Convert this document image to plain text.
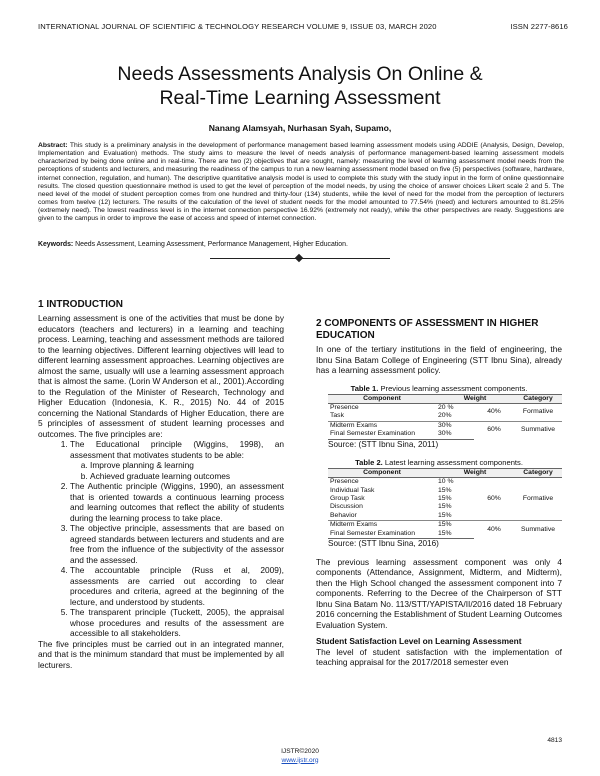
INTERNATIONAL JOURNAL OF SCIENTIFIC & TECHNOLOGY RESEARCH VOLUME 9, ISSUE 03, MARCH 2020	ISSN 2277-8616
Needs Assessments Analysis On Online &
Real-Time Learning Assessment
Nanang Alamsyah, Nurhasan Syah, Supamo,
Abstract: This study is a preliminary analysis in the development of performance management based learning assessment models using ADDIE (Analysis, Design, Develop, Implementation and Evaluation) methods. The study aims to measure the level of needs analysis of performance management-based learning assessment models characterized by being done online and in real-time. There are two (2) objectives that are sought, namely: measuring the level of learning assessment model needs from the perceptions of students and lecturers, and measuring the readiness of the campus to run a new learning assessment model based on five (5) perspectives (software, hardware, internet connection, regulation, and human). The descriptive quantitative analysis model is used to complete this study with the study input in the form of online questionnaire results. The closed question questionnaire method is used to get the level of perception of the model needs, by using the choice of answer choices Likert scale 2 and 5. The need level of the model of student perception comes from one hundred and thirty-four (134) students, while the level of need for the model from the perception of lecturers comes from twelve (12) lecturers. The results of the calculation of the level of student needs for the model amounted to 77.54% (need) and lecturers amounted to 81.25% (extremely need). The lowest readiness level is in the internet connection perspective 16.92% (extremely not ready), while the other perspectives are ready. Suggestions are given to the campus in order to improve the ease of access and speed of internet connection.
Keywords: Needs Assessment, Learning Assessment, Performance Management, Higher Education.
1 INTRODUCTION

Learning assessment is one of the activities that must be done by educators (teachers and lecturers) in a learning and teaching process. Learning, teaching and assessment methods are tailored to the learning objectives. Different learning objectives will lead to different learning assessment approaches. Learning objectives are almost the same, usually will use a learning assessment approach that is almost the same. (Lorin W Anderson et al., 2001).According to the Regulation of the Minister of Research, Technology and Higher Education (Indonesia, K. R., 2015) No. 44 of 2015 concerning the National Standards of Higher Education, there are 5 principles of assessment of student learning processes and outcomes. The five principles are:

1. The Educational principle (Wiggins, 1998), an assessment that motivates students to be able:
a. Improve planning & learning
b. Achieved graduate learning outcomes
2. The Authentic principle (Wiggins, 1990), an assessment that is oriented towards a continuous learning process and learning outcomes that reflect the ability of students during the learning process to take place.
3. The objective principle, assessments that are based on agreed standards between lecturers and students and are free from the influence of the subjectivity of the assessor and the assessed.
4. The accountable principle (Russ et al, 2009), assessments are carried out according to clear procedures and criteria, agreed at the beginning of the lecture, and understood by students.
5. The transparent principle (Tuckett, 2005), the appraisal whose procedures and results of the assessment are accessible to all stakeholders.

The five principles must be carried out in an integrated manner, and that is the minimum standard that must be implemented by all lecturers.

2 COMPONENTS OF ASSESSMENT IN HIGHER EDUCATION

In one of the tertiary institutions in the field of engineering, the Ibnu Sina Batam College of Engineering (STT Ibnu Sina), already has a learning assessment policy.

Table 1. Previous learning assessment components.
Component	Weight		Category
Presence	20 %	40%	Formative
Task	20%		
Midterm Exams	30%	60%	Summative
Final Semester Examination	30%		
Source: (STT Ibnu Sina, 2011)
Table 2. Latest learning assessment components.
Component	Weight		Category
Presence	10 %	60%	Formative
Individual Task	15%		
Group Task	15%		
Discussion	15%		
Behavior	15%		
Midterm Exams	15%	40%	Summative
Final Semester Examination	15%		
Source: (STT Ibnu Sina, 2016)

The previous learning assessment component was only 4 components (Attendance, Assignment, Midterm, and Midterm), then the High School changed the assessment component into 7 components. Referring to the Decree of the Chairperson of STT Ibnu Sina Batam No. 113/STT/YAPISTA/II/2016 dated 18 February 2016 concerning the Establishment of Student Learning Outcomes Evaluation System.

Student Satisfaction Level on Learning Assessment

The level of student satisfaction with the implementation of teaching appraisal for the 2017/2018 semester even

4813
IJSTR©2020
www.ijstr.org
